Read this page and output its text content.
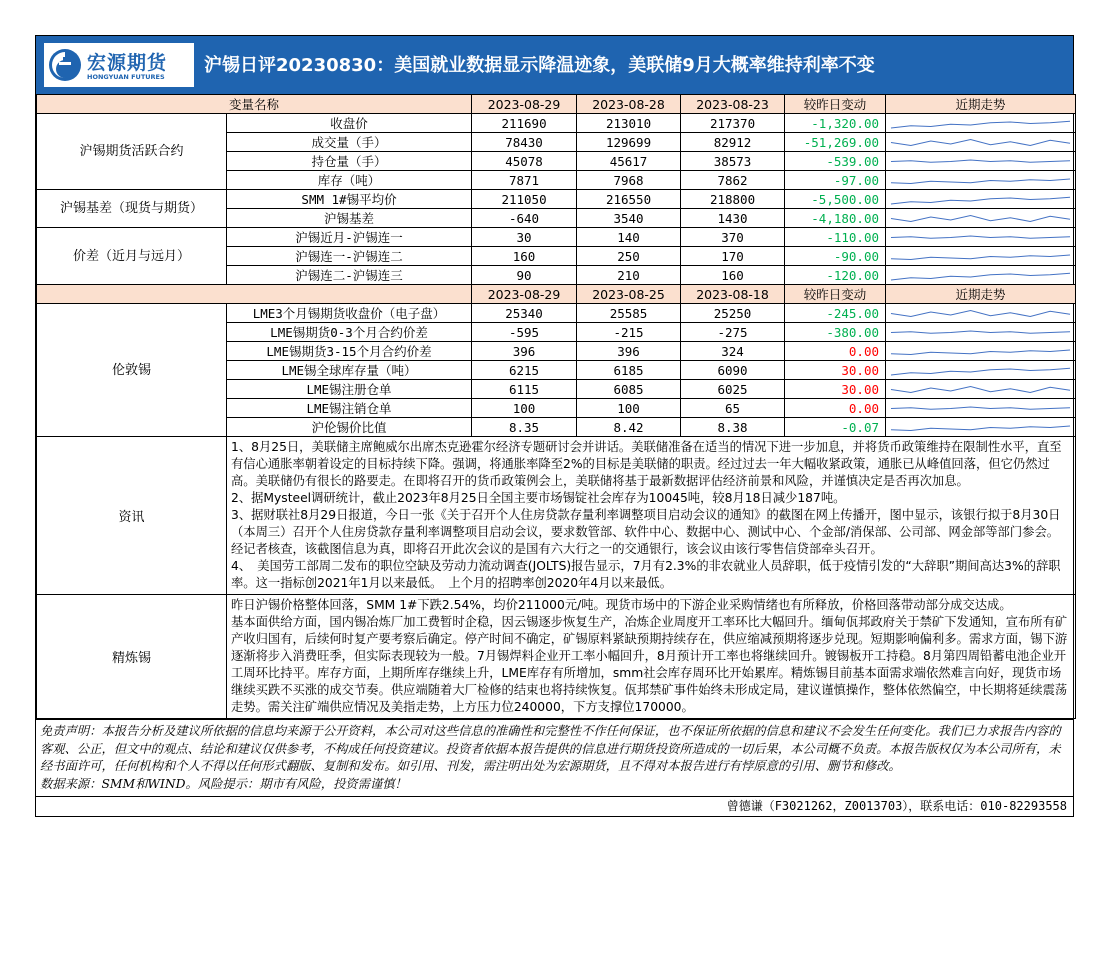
宏源期货
HONGYUAN FUTURES
沪锡日评20230830：美国就业数据显示降温迹象，美联储9月大概率维持利率不变
变量名称		2023-08-29	2023-08-28	2023-08-23	较昨日变动	近期走势
沪锡期货活跃合约	收盘价	211690	213010	217370	-1,320.00	

	成交量（手）	78430	129699	82912	-51,269.00	

	持仓量（手）	45078	45617	38573	-539.00	

	库存（吨）	7871	7968	7862	-97.00	

沪锡基差（现货与期货）	SMM 1#锡平均价	211050	216550	218800	-5,500.00	

	沪锡基差	-640	3540	1430	-4,180.00	

价差（近月与远月）	沪锡近月-沪锡连一	30	140	370	-110.00	

	沪锡连一-沪锡连二	160	250	170	-90.00	

	沪锡连二-沪锡连三	90	210	160	-120.00	

		2023-08-29	2023-08-25	2023-08-18	较昨日变动	近期走势
伦敦锡	LME3个月锡期货收盘价（电子盘）	25340	25585	25250	-245.00	

	LME锡期货0-3个月合约价差	-595	-215	-275	-380.00	

	LME锡期货3-15个月合约价差	396	396	324	0.00	

	LME锡全球库存量（吨）	6215	6185	6090	30.00	

	LME锡注册仓单	6115	6085	6025	30.00	

	LME锡注销仓单	100	100	65	0.00	

	沪伦锡价比值	8.35	8.42	8.38	-0.07	

资讯	1、8月25日，美联储主席鲍威尔出席杰克逊霍尔经济专题研讨会并讲话。美联储准备在适当的情况下进一步加息，并将货币政策维持在限制性水平，直至有信心通胀率朝着设定的目标持续下降。强调，将通胀率降至2%的目标是美联储的职责。经过过去一年大幅收紧政策，通胀已从峰值回落，但它仍然过高。美联储仍有很长的路要走。在即将召开的货币政策例会上，美联储将基于最新数据评估经济前景和风险，并谨慎决定是否再次加息。

2、据Mysteel调研统计，截止2023年8月25日全国主要市场锡锭社会库存为10045吨，较8月18日减少187吨。

3、据财联社8月29日报道，今日一张《关于召开个人住房贷款存量利率调整项目启动会议的通知》的截图在网上传播开，图中显示，该银行拟于8月30日（本周三）召开个人住房贷款存量利率调整项目启动会议，要求数管部、软件中心、数据中心、测试中心、个金部/消保部、公司部、网金部等部门参会。经记者核查，该截图信息为真，即将召开此次会议的是国有六大行之一的交通银行，该会议由该行零售信贷部牵头召开。

4、　美国劳工部周二发布的职位空缺及劳动力流动调查(JOLTS)报告显示，7月有2.3%的非农就业人员辞职，低于疫情引发的“大辞职”期间高达3%的辞职率。这一指标创2021年1月以来最低。　上个月的招聘率创2020年4月以来最低。					

精炼锡	昨日沪锡价格整体回落，SMM 1#下跌2.54%，均价211000元/吨。现货市场中的下游企业采购情绪也有所释放，价格回落带动部分成交达成。

基本面供给方面，国内锡冶炼厂加工费暂时企稳，因云锡逐步恢复生产，冶炼企业周度开工率环比大幅回升。缅甸佤邦政府关于禁矿下发通知，宣布所有矿产收归国有，后续何时复产要考察后确定。停产时间不确定，矿锡原料紧缺预期持续存在，供应缩减预期将逐步兑现。短期影响偏利多。需求方面，锡下游逐渐将步入消费旺季，但实际表现较为一般。7月锡焊料企业开工率小幅回升，8月预计开工率也将继续回升。镀锡板开工持稳。8月第四周铅蓄电池企业开工周环比持平。库存方面，上期所库存继续上升，LME库存有所增加，smm社会库存周环比开始累库。精炼锡目前基本面需求端依然难言向好，现货市场继续买跌不买涨的成交节奏。供应端随着大厂检修的结束也将持续恢复。佤邦禁矿事件始终未形成定局，建议谨慎操作，整体依然偏空，中长期将延续震荡走势。需关注矿端供应情况及美指走势，上方压力位240000，下方支撑位170000。					

免责声明：本报告分析及建议所依据的信息均来源于公开资料，本公司对这些信息的准确性和完整性不作任何保证，也不保证所依据的信息和建议不会发生任何变化。我们已力求报告内容的客观、公正，但文中的观点、结论和建议仅供参考，不构成任何投资建议。投资者依据本报告提供的信息进行期货投资所造成的一切后果，本公司概不负责。本报告版权仅为本公司所有，未经书面许可，任何机构和个人不得以任何形式翻版、复制和发布。如引用、刊发，需注明出处为宏源期货，且不得对本报告进行有悖原意的引用、删节和修改。

数据来源：SMM和WIND。风险提示：期市有风险，投资需谨慎！

曾德谦（F3021262，Z0013703），联系电话：010-82293558
